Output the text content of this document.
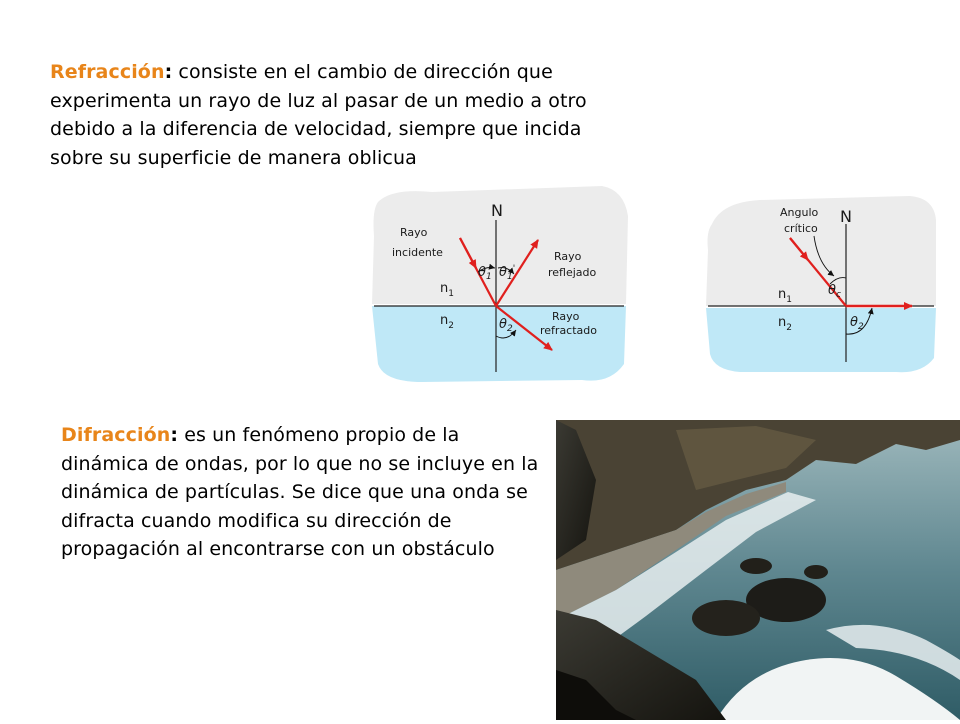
Refracción: consiste en el cambio de dirección que experimenta un rayo de luz al pasar de un medio a otro debido a la diferencia de velocidad, siempre que incida sobre su superficie de manera oblicua

N
$\theta_1$ $\theta_1'$
$\theta_2$
Rayo
incidente	Rayo
reflejado
Rayo
refractado
$n_1$
$n_2$
N
$\theta_c$
$\theta_2$
Angulo
crítico
$n_1$
$n_2$

Difracción: es un fenómeno propio de la dinámica de ondas, por lo que no se incluye en la dinámica de partículas. Se dice que una onda se difracta cuando modifica su dirección de propagación al encontrarse con un obstáculo
